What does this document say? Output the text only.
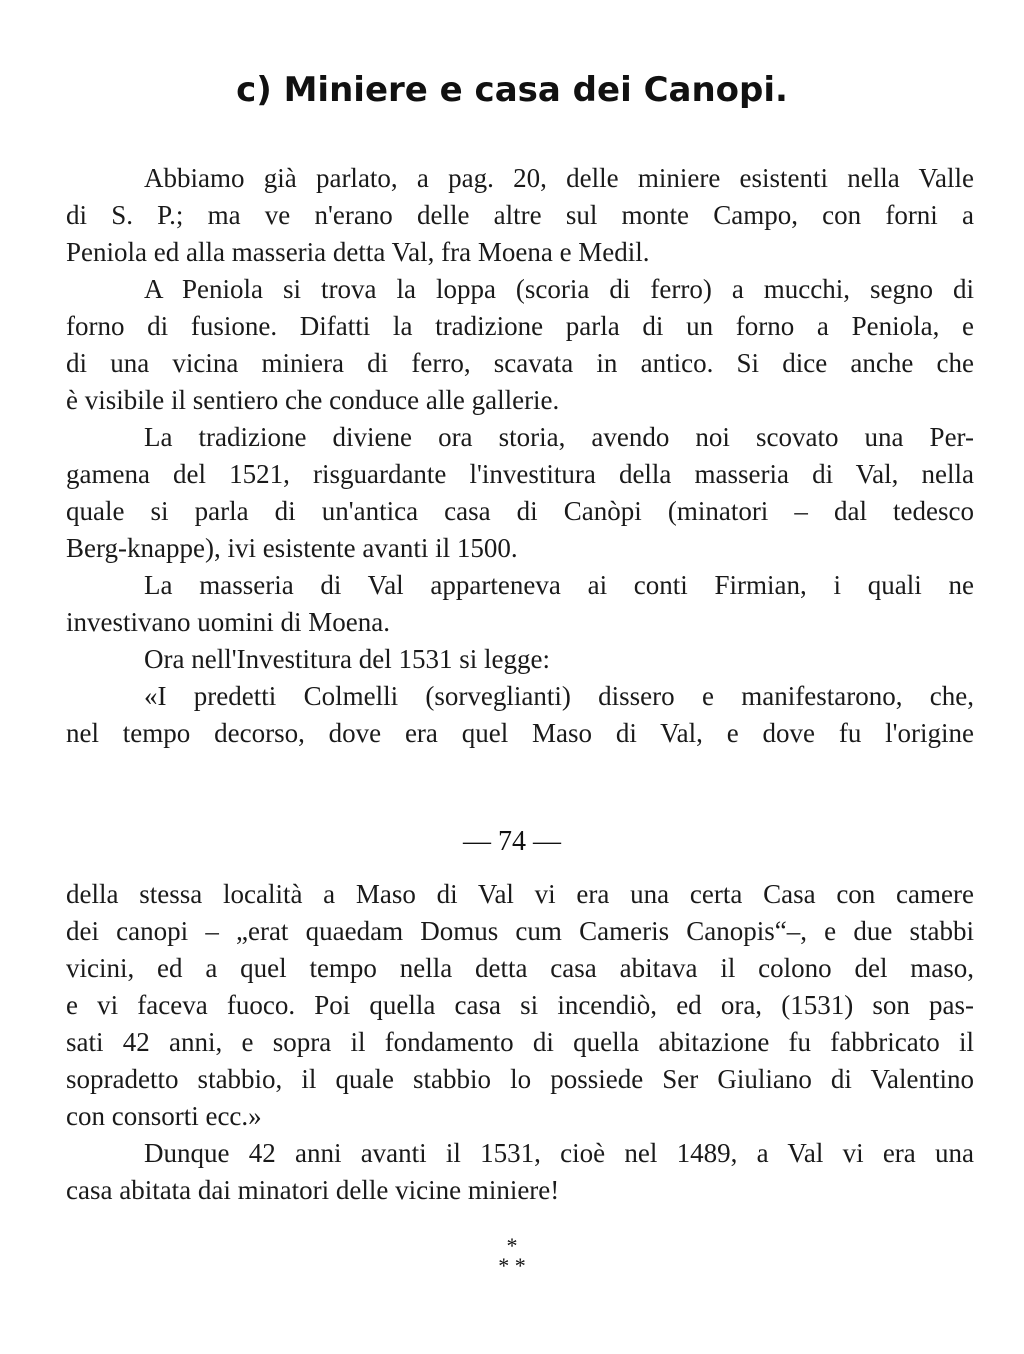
c) Miniere e casa dei Canopi.
Abbiamo già parlato, a pag. 20, delle miniere esistenti nella Valle
di S. P.; ma ve n'erano delle altre sul monte Campo, con forni a
Peniola ed alla masseria detta Val, fra Moena e Medil.
A Peniola si trova la loppa (scoria di ferro) a mucchi, segno di
forno di fusione. Difatti la tradizione parla di un forno a Peniola, e
di una vicina miniera di ferro, scavata in antico. Si dice anche che
è visibile il sentiero che conduce alle gallerie.
La tradizione diviene ora storia, avendo noi scovato una Per-
gamena del 1521, risguardante l'investitura della masseria di Val, nella
quale si parla di un'antica casa di Canòpi (minatori – dal tedesco
Berg-knappe), ivi esistente avanti il 1500.
La masseria di Val apparteneva ai conti Firmian, i quali ne
investivano uomini di Moena.
Ora nell'Investitura del 1531 si legge:
«I predetti Colmelli (sorveglianti) dissero e manifestarono, che,
nel tempo decorso, dove era quel Maso di Val, e dove fu l'origine
— 74 —
della stessa località a Maso di Val vi era una certa Casa con camere
dei canopi – „erat quaedam Domus cum Cameris Canopis“–, e due stabbi
vicini, ed a quel tempo nella detta casa abitava il colono del maso,
e vi faceva fuoco. Poi quella casa si incendiò, ed ora, (1531) son pas-
sati 42 anni, e sopra il fondamento di quella abitazione fu fabbricato il
sopradetto stabbio, il quale stabbio lo possiede Ser Giuliano di Valentino
con consorti ecc.»
Dunque 42 anni avanti il 1531, cioè nel 1489, a Val vi era una
casa abitata dai minatori delle vicine miniere!
*
* *
